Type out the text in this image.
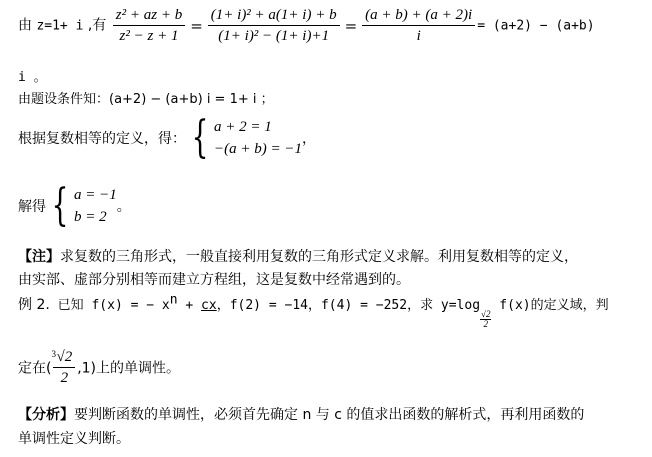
由 z=1+ i ,有 $\frac{\text{z² + az + b}}{\text{z² − z + 1}} = \frac{\text{(1+ i)² + a(1+ i) + b}}{\text{(1+ i)² − (1+ i)+1}} = \frac{(a + b) + (a + 2)i}{i} = (a+2) - (a+b)$
i 。
由题设条件知：(a+2) − (a+b) i = 1+ i ；
根据复数相等的定义，得： { a + 2 = 1
−(a + b) = −1
，
解得 { a = −1
b = 2
。
【注】求复数的三角形式，一般直接利用复数的三角形式定义求解。利用复数相等的定义，
由实部、虚部分别相等而建立方程组，这是复数中经常遇到的。
例 2. 已知 f(x) = − $x^n$ + cx，f(2) = −14，f(4) = −252，求 y=log
$\frac{√2}{2} f(x)$的定义域，判
定在(
3 √2
2
,1)上的单调性。
【分析】要判断函数的单调性，必须首先确定 n 与 c 的值求出函数的解析式，再利用函数的
单调性定义判断。
